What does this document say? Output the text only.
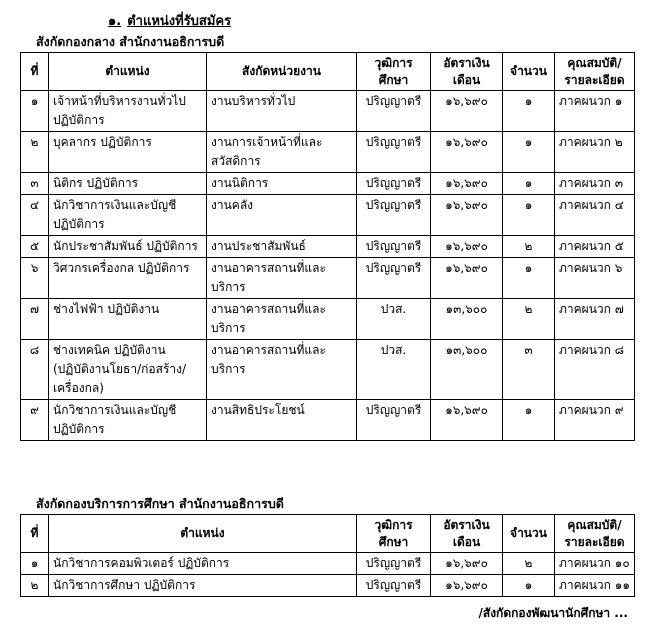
๑. ตำแหน่งที่รับสมัคร
สังกัดกองกลาง สำนักงานอธิการบดี
ที่	ตำแหน่ง	สังกัดหน่วยงาน	วุฒิการศึกษา	อัตราเงินเดือน	จำนวน	คุณสมบัติ/รายละเอียด
๑	เจ้าหน้าที่บริหารงานทั่วไป ปฏิบัติการ	งานบริหารทั่วไป	ปริญญาตรี	๑๖,๖๙๐	๑	ภาคผนวก ๑
๒	บุคลากร ปฏิบัติการ	งานการเจ้าหน้าที่และสวัสดิการ	ปริญญาตรี	๑๖,๖๙๐	๑	ภาคผนวก ๒
๓	นิติกร ปฏิบัติการ	งานนิติการ	ปริญญาตรี	๑๖,๖๙๐	๑	ภาคผนวก ๓
๔	นักวิชาการเงินและบัญชี ปฏิบัติการ	งานคลัง	ปริญญาตรี	๑๖,๖๙๐	๑	ภาคผนวก ๔
๕	นักประชาสัมพันธ์ ปฏิบัติการ	งานประชาสัมพันธ์	ปริญญาตรี	๑๖,๖๙๐	๒	ภาคผนวก ๕
๖	วิศวกรเครื่องกล ปฏิบัติการ	งานอาคารสถานที่และบริการ	ปริญญาตรี	๑๖,๖๙๐	๑	ภาคผนวก ๖
๗	ช่างไฟฟ้า ปฏิบัติงาน	งานอาคารสถานที่และบริการ	ปวส.	๑๓,๖๐๐	๒	ภาคผนวก ๗
๘	ช่างเทคนิค ปฏิบัติงาน (ปฏิบัติงานโยธา/ก่อสร้าง/เครื่องกล)	งานอาคารสถานที่และบริการ	ปวส.	๑๓,๖๐๐	๓	ภาคผนวก ๘
๙	นักวิชาการเงินและบัญชี ปฏิบัติการ	งานสิทธิประโยชน์	ปริญญาตรี	๑๖,๖๙๐	๑	ภาคผนวก ๙
สังกัดกองบริการการศึกษา สำนักงานอธิการบดี
ที่	ตำแหน่ง	วุฒิการศึกษา	อัตราเงินเดือน	จำนวน	คุณสมบัติ/รายละเอียด
๑	นักวิชาการคอมพิวเตอร์ ปฏิบัติการ	ปริญญาตรี	๑๖,๖๙๐	๒	ภาคผนวก ๑๐
๒	นักวิชาการศึกษา ปฏิบัติการ	ปริญญาตรี	๑๖,๖๙๐	๑	ภาคผนวก ๑๑
/สังกัดกองพัฒนานักศึกษา ...
